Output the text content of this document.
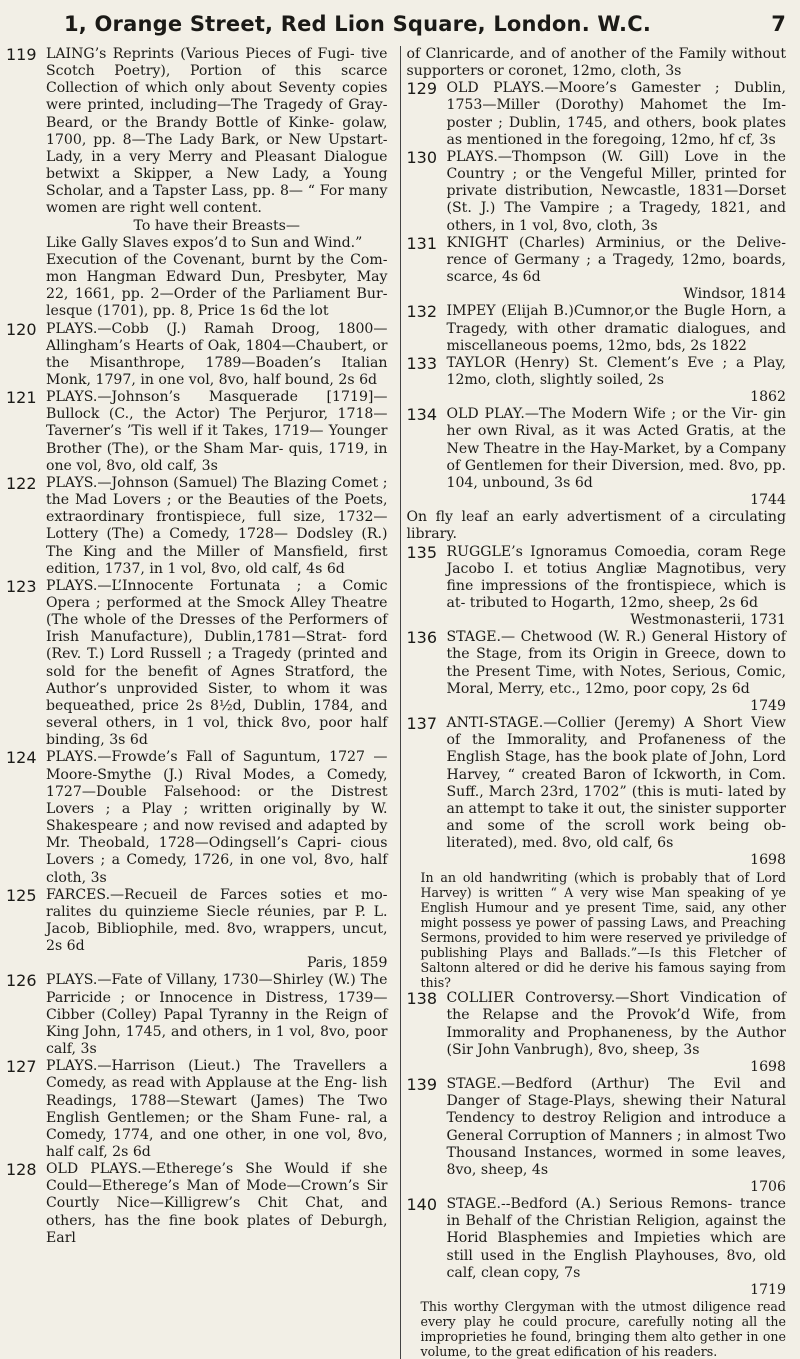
1, Orange Street, Red Lion Square, London. W.C.	7
119 LAING’s Reprints (Various Pieces of Fugi- tive Scotch Poetry), Portion of this scarce Collection of which only about Seventy copies were printed, including—The Tragedy of Gray-Beard, or the Brandy Bottle of Kinke- golaw, 1700, pp. 8—The Lady Bark, or New Upstart-Lady, in a very Merry and Pleasant Dialogue betwixt a Skipper, a New Lady, a Young Scholar, and a Tapster Lass, pp. 8— “ For many women are right well content.
To have their Breasts—
Like Gally Slaves expos’d to Sun and Wind.”
Execution of the Covenant, burnt by the Com- mon Hangman Edward Dun, Presbyter, May 22, 1661, pp. 2—Order of the Parliament Bur- lesque (1701), pp. 8, Price 1s 6d the lot
120 PLAYS.—Cobb (J.) Ramah Droog, 1800— Allingham’s Hearts of Oak, 1804—Chaubert, or the Misanthrope, 1789—Boaden’s Italian Monk, 1797, in one vol, 8vo, half bound, 2s 6d
121 PLAYS.—Johnson’s Masquerade [1719]— Bullock (C., the Actor) The Perjuror, 1718— Taverner’s ’Tis well if it Takes, 1719— Younger Brother (The), or the Sham Mar- quis, 1719, in one vol, 8vo, old calf, 3s
122 PLAYS.—Johnson (Samuel) The Blazing Comet ; the Mad Lovers ; or the Beauties of the Poets, extraordinary frontispiece, full size, 1732—Lottery (The) a Comedy, 1728— Dodsley (R.) The King and the Miller of Mansfield, first edition, 1737, in 1 vol, 8vo, old calf, 4s 6d
123 PLAYS.—L’Innocente Fortunata ; a Comic Opera ; performed at the Smock Alley Theatre (The whole of the Dresses of the Performers of Irish Manufacture), Dublin,1781—Strat- ford (Rev. T.) Lord Russell ; a Tragedy (printed and sold for the benefit of Agnes Stratford, the Author’s unprovided Sister, to whom it was bequeathed, price 2s 8½d, Dublin, 1784, and several others, in 1 vol, thick 8vo, poor half binding, 3s 6d
124 PLAYS.—Frowde’s Fall of Saguntum, 1727 —Moore-Smythe (J.) Rival Modes, a Comedy, 1727—Double Falsehood: or the Distrest Lovers ; a Play ; written originally by W. Shakespeare ; and now revised and adapted by Mr. Theobald, 1728—Odingsell’s Capri- cious Lovers ; a Comedy, 1726, in one vol, 8vo, half cloth, 3s
125 FARCES.—Recueil de Farces soties et mo- ralites du quinzieme Siecle réunies, par P. L. Jacob, Bibliophile, med. 8vo, wrappers, uncut, 2s 6d
Paris, 1859
126 PLAYS.—Fate of Villany, 1730—Shirley (W.) The Parricide ; or Innocence in Distress, 1739—Cibber (Colley) Papal Tyranny in the Reign of King John, 1745, and others, in 1 vol, 8vo, poor calf, 3s
127 PLAYS.—Harrison (Lieut.) The Travellers a Comedy, as read with Applause at the Eng- lish Readings, 1788—Stewart (James) The Two English Gentlemen; or the Sham Fune- ral, a Comedy, 1774, and one other, in one vol, 8vo, half calf, 2s 6d
128 OLD PLAYS.—Etherege’s She Would if she Could—Etherege’s Man of Mode—Crown’s Sir Courtly Nice—Killigrew’s Chit Chat, and others, has the fine book plates of Deburgh, Earl
of Clanricarde, and of another of the Family without supporters or coronet, 12mo, cloth, 3s
129 OLD PLAYS.—Moore’s Gamester ; Dublin, 1753—Miller (Dorothy) Mahomet the Im- poster ; Dublin, 1745, and others, book plates as mentioned in the foregoing, 12mo, hf cf, 3s
130 PLAYS.—Thompson (W. Gill) Love in the Country ; or the Vengeful Miller, printed for private distribution, Newcastle, 1831—Dorset (St. J.) The Vampire ; a Tragedy, 1821, and others, in 1 vol, 8vo, cloth, 3s
131 KNIGHT (Charles) Arminius, or the Delive- rence of Germany ; a Tragedy, 12mo, boards, scarce, 4s 6d
Windsor, 1814
132 IMPEY (Elijah B.)Cumnor,or the Bugle Horn, a Tragedy, with other dramatic dialogues, and miscellaneous poems, 12mo, bds, 2s 1822
133 TAYLOR (Henry) St. Clement’s Eve ; a Play, 12mo, cloth, slightly soiled, 2s
1862
134 OLD PLAY.—The Modern Wife ; or the Vir- gin her own Rival, as it was Acted Gratis, at the New Theatre in the Hay-Market, by a Company of Gentlemen for their Diversion, med. 8vo, pp. 104, unbound, 3s 6d
1744
On fly leaf an early advertisment of a circulating library.
135 RUGGLE’s Ignoramus Comoedia, coram Rege Jacobo I. et totius Angliæ Magnotibus, very fine impressions of the frontispiece, which is at- tributed to Hogarth, 12mo, sheep, 2s 6d
Westmonasterii, 1731
136 STAGE.— Chetwood (W. R.) General History of the Stage, from its Origin in Greece, down to the Present Time, with Notes, Serious, Comic, Moral, Merry, etc., 12mo, poor copy, 2s 6d
1749
137 ANTI-STAGE.—Collier (Jeremy) A Short View of the Immorality, and Profaneness of the English Stage, has the book plate of John, Lord Harvey, “ created Baron of Ickworth, in Com. Suff., March 23rd, 1702” (this is muti- lated by an attempt to take it out, the sinister supporter and some of the scroll work being ob- literated), med. 8vo, old calf, 6s
1698
In an old handwriting (which is probably that of Lord Harvey) is written “ A very wise Man speaking of ye English Humour and ye present Time, said, any other might possess ye power of passing Laws, and Preaching Sermons, provided to him were reserved ye priviledge of publishing Plays and Ballads.”—Is this Fletcher of Saltonn altered or did he derive his famous saying from this?
138 COLLIER Controversy.—Short Vindication of the Relapse and the Provok’d Wife, from Immorality and Prophaneness, by the Author (Sir John Vanbrugh), 8vo, sheep, 3s
1698
139 STAGE.—Bedford (Arthur) The Evil and Danger of Stage-Plays, shewing their Natural Tendency to destroy Religion and introduce a General Corruption of Manners ; in almost Two Thousand Instances, wormed in some leaves, 8vo, sheep, 4s
1706
140 STAGE.--Bedford (A.) Serious Remons- trance in Behalf of the Christian Religion, against the Horid Blasphemies and Impieties which are still used in the English Playhouses, 8vo, old calf, clean copy, 7s
1719
This worthy Clergyman with the utmost diligence read every play he could procure, carefully noting all the improprieties he found, bringing them alto gether in one volume, to the great edification of his readers.
